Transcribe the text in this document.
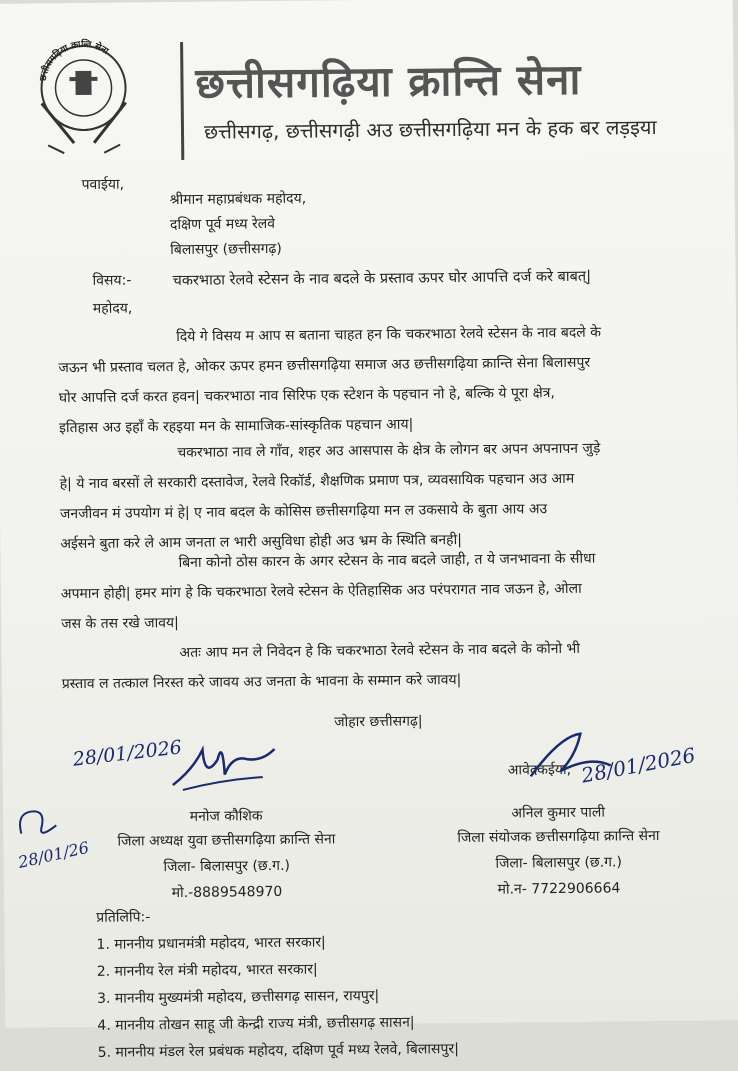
छत्तीसगढ़िया क्रान्ति सेना
छत्तीसगढ़िया क्रान्ति सेना
छत्तीसगढ़, छत्तीसगढ़ी अउ छत्तीसगढ़िया मन के हक बर लड़इया
पवाईया,
श्रीमान महाप्रबंधक महोदय,
दक्षिण पूर्व मध्य रेलवे
बिलासपुर (छत्तीसगढ़)
विसय:-	चकरभाठा रेलवे स्टेसन के नाव बदले के प्रस्ताव ऊपर घोर आपत्ति दर्ज करे बाबत्|
महोदय,
दिये गे विसय म आप स बताना चाहत हन कि चकरभाठा रेलवे स्टेसन के नाव बदले के
जऊन भी प्रस्ताव चलत हे, ओकर ऊपर हमन छत्तीसगढ़िया समाज अउ छत्तीसगढ़िया क्रान्ति सेना बिलासपुर
घोर आपत्ति दर्ज करत हवन| चकरभाठा नाव सिरिफ एक स्टेशन के पहचान नो हे, बल्कि ये पूरा क्षेत्र,
इतिहास अउ इहाँ के रहइया मन के सामाजिक-सांस्कृतिक पहचान आय|
चकरभाठा नाव ले गाँव, शहर अउ आसपास के क्षेत्र के लोगन बर अपन अपनापन जुड़े
हे| ये नाव बरसों ले सरकारी दस्तावेज, रेलवे रिकॉर्ड, शैक्षणिक प्रमाण पत्र, व्यवसायिक पहचान अउ आम
जनजीवन मं उपयोग मं हे| ए नाव बदल के कोसिस छत्तीसगढ़िया मन ल उकसाये के बुता आय अउ
अईसने बुता करे ले आम जनता ल भारी असुविधा होही अउ भ्रम के स्थिति बनही|
बिना कोनो ठोस कारन के अगर स्टेसन के नाव बदले जाही, त ये जनभावना के सीधा
अपमान होही| हमर मांग हे कि चकरभाठा रेलवे स्टेसन के ऐतिहासिक अउ परंपरागत नाव जऊन हे, ओला
जस के तस रखे जावय|
अतः आप मन ले निवेदन हे कि चकरभाठा रेलवे स्टेसन के नाव बदले के कोनो भी
प्रस्ताव ल तत्काल निरस्त करे जावय अउ जनता के भावना के सम्मान करे जावय|
जोहार छत्तीसगढ़|
28/01/2026	आवेदकईया, 28/01/2026
28/01/26
मनोज कौशिक
जिला अध्यक्ष युवा छत्तीसगढ़िया क्रान्ति सेना
जिला- बिलासपुर (छ.ग.)
मो.-8889548970
अनिल कुमार पाली
जिला संयोजक छत्तीसगढ़िया क्रान्ति सेना
जिला- बिलासपुर (छ.ग.)
मो.न- 7722906664
प्रतिलिपि:-
1. माननीय प्रधानमंत्री महोदय, भारत सरकार|
2. माननीय रेल मंत्री महोदय, भारत सरकार|
3. माननीय मुख्यमंत्री महोदय, छत्तीसगढ़ सासन, रायपुर|
4. माननीय तोखन साहू जी केन्द्री राज्य मंत्री, छत्तीसगढ़ सासन|
5. माननीय मंडल रेल प्रबंधक महोदय, दक्षिण पूर्व मध्य रेलवे, बिलासपुर|
